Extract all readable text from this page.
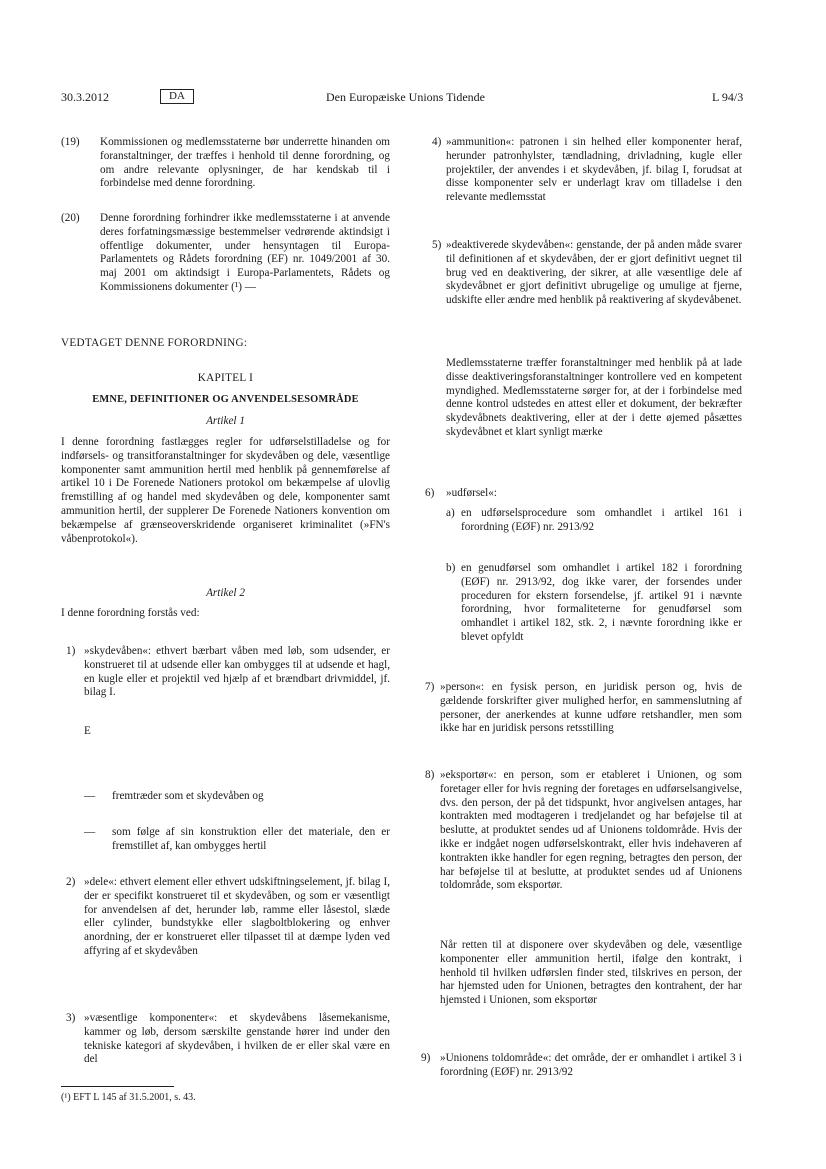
30.3.2012	DA	Den Europæiske Unions Tidende	L 94/3
(19) Kommissionen og medlemsstaterne bør underrette hinanden om foranstaltninger, der træffes i henhold til denne forordning, og om andre relevante oplysninger, de har kendskab til i forbindelse med denne forordning.
(20) Denne forordning forhindrer ikke medlemsstaterne i at anvende deres forfatningsmæssige bestemmelser vedrørende aktindsigt i offentlige dokumenter, under hensyntagen til Europa-Parlamentets og Rådets forordning (EF) nr. 1049/2001 af 30. maj 2001 om aktindsigt i Europa-Parlamentets, Rådets og Kommissionens dokumenter (¹) —
VEDTAGET DENNE FORORDNING:
KAPITEL I
EMNE, DEFINITIONER OG ANVENDELSESOMRÅDE
Artikel 1
I denne forordning fastlægges regler for udførselstilladelse og for indførsels- og transitforanstaltninger for skydevåben og dele, væsentlige komponenter samt ammunition hertil med henblik på gennemførelse af artikel 10 i De Forenede Nationers protokol om bekæmpelse af ulovlig fremstilling af og handel med skydevåben og dele, komponenter samt ammunition hertil, der supplerer De Forenede Nationers konvention om bekæmpelse af grænseoverskridende organiseret kriminalitet (»FN's våbenprotokol«).
Artikel 2
I denne forordning forstås ved:
1) »skydevåben«: ethvert bærbart våben med løb, som udsender, er konstrueret til at udsende eller kan ombygges til at udsende et hagl, en kugle eller et projektil ved hjælp af et brændbart drivmiddel, jf. bilag I.
E
— fremtræder som et skydevåben og
— som følge af sin konstruktion eller det materiale, den er fremstillet af, kan ombygges hertil
2) »dele«: ethvert element eller ethvert udskiftningselement, jf. bilag I, der er specifikt konstrueret til et skydevåben, og som er væsentligt for anvendelsen af det, herunder løb, ramme eller låsestol, slæde eller cylinder, bundstykke eller slagboltblokering og enhver anordning, der er konstrueret eller tilpasset til at dæmpe lyden ved affyring af et skydevåben
3) »væsentlige komponenter«: et skydevåbens låsemekanisme, kammer og løb, dersom særskilte genstande hører ind under den tekniske kategori af skydevåben, i hvilken de er eller skal være en del
(¹) EFT L 145 af 31.5.2001, s. 43.
4) »ammunition«: patronen i sin helhed eller komponenter heraf, herunder patronhylster, tændladning, drivladning, kugle eller projektiler, der anvendes i et skydevåben, jf. bilag I, forudsat at disse komponenter selv er underlagt krav om tilladelse i den relevante medlemsstat
5) »deaktiverede skydevåben«: genstande, der på anden måde svarer til definitionen af et skydevåben, der er gjort definitivt uegnet til brug ved en deaktivering, der sikrer, at alle væsentlige dele af skydevåbnet er gjort definitivt ubrugelige og umulige at fjerne, udskifte eller ændre med henblik på reaktivering af skydevåbenet.
Medlemsstaterne træffer foranstaltninger med henblik på at lade disse deaktiveringsforanstaltninger kontrollere ved en kompetent myndighed. Medlemsstaterne sørger for, at der i forbindelse med denne kontrol udstedes en attest eller et dokument, der bekræfter skydevåbnets deaktivering, eller at der i dette øjemed påsættes skydevåbnet et klart synligt mærke
6) »udførsel«:
a) en udførselsprocedure som omhandlet i artikel 161 i forordning (EØF) nr. 2913/92
b) en genudførsel som omhandlet i artikel 182 i forordning (EØF) nr. 2913/92, dog ikke varer, der forsendes under proceduren for ekstern forsendelse, jf. artikel 91 i nævnte forordning, hvor formaliteterne for genudførsel som omhandlet i artikel 182, stk. 2, i nævnte forordning ikke er blevet opfyldt
7) »person«: en fysisk person, en juridisk person og, hvis de gældende forskrifter giver mulighed herfor, en sammenslutning af personer, der anerkendes at kunne udføre retshandler, men som ikke har en juridisk persons retsstilling
8) »eksportør«: en person, som er etableret i Unionen, og som foretager eller for hvis regning der foretages en udførselsangivelse, dvs. den person, der på det tidspunkt, hvor angivelsen antages, har kontrakten med modtageren i tredjelandet og har beføjelse til at beslutte, at produktet sendes ud af Unionens toldområde. Hvis der ikke er indgået nogen udførselskontrakt, eller hvis indehaveren af kontrakten ikke handler for egen regning, betragtes den person, der har beføjelse til at beslutte, at produktet sendes ud af Unionens toldområde, som eksportør.
Når retten til at disponere over skydevåben og dele, væsentlige komponenter eller ammunition hertil, ifølge den kontrakt, i henhold til hvilken udførslen finder sted, tilskrives en person, der har hjemsted uden for Unionen, betragtes den kontrahent, der har hjemsted i Unionen, som eksportør
9) »Unionens toldområde«: det område, der er omhandlet i artikel 3 i forordning (EØF) nr. 2913/92
